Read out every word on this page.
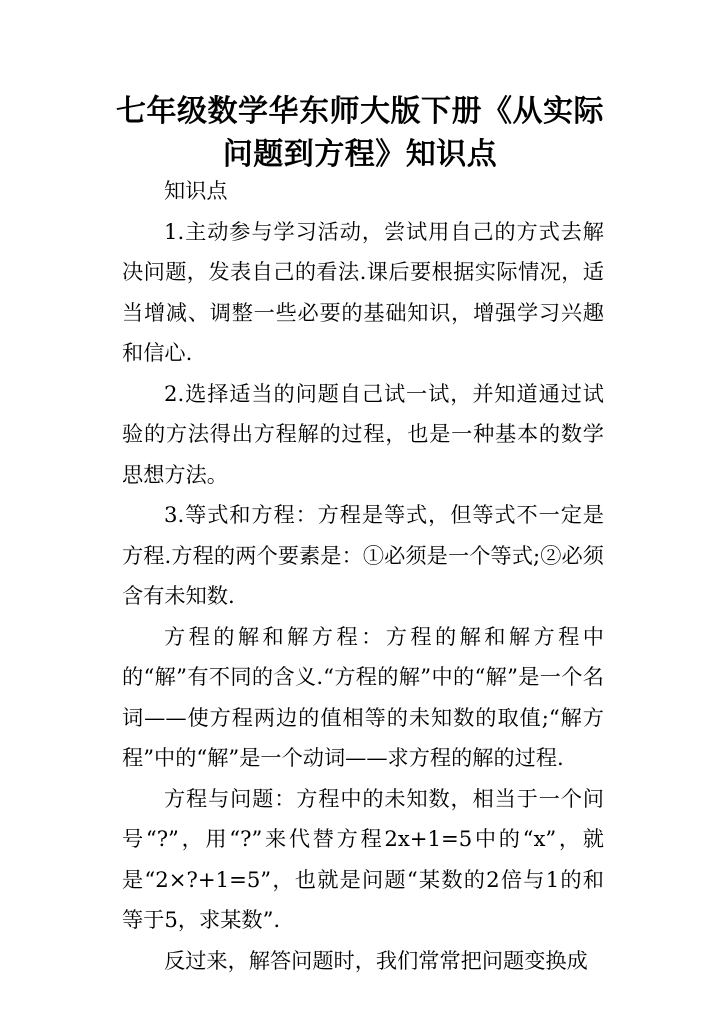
七年级数学华东师大版下册《从实际
问题到方程》知识点

知识点

1.主动参与学习活动，尝试用自己的方式去解决问题，发表自己的看法.课后要根据实际情况，适当增减、调整一些必要的基础知识，增强学习兴趣和信心.

2.选择适当的问题自己试一试，并知道通过试验的方法得出方程解的过程，也是一种基本的数学思想方法。

3.等式和方程：方程是等式，但等式不一定是方程.方程的两个要素是：①必须是一个等式;②必须含有未知数.

方程的解和解方程：方程的解和解方程中的“解”有不同的含义.“方程的解”中的“解”是一个名词——使方程两边的值相等的未知数的取值;“解方程”中的“解”是一个动词——求方程的解的过程.

方程与问题：方程中的未知数，相当于一个问号“?”，用“?”来代替方程2x+1=5中的“x”，就是“2×?+1=5”，也就是问题“某数的2倍与1的和等于5，求某数”.

反过来，解答问题时，我们常常把问题变换成
